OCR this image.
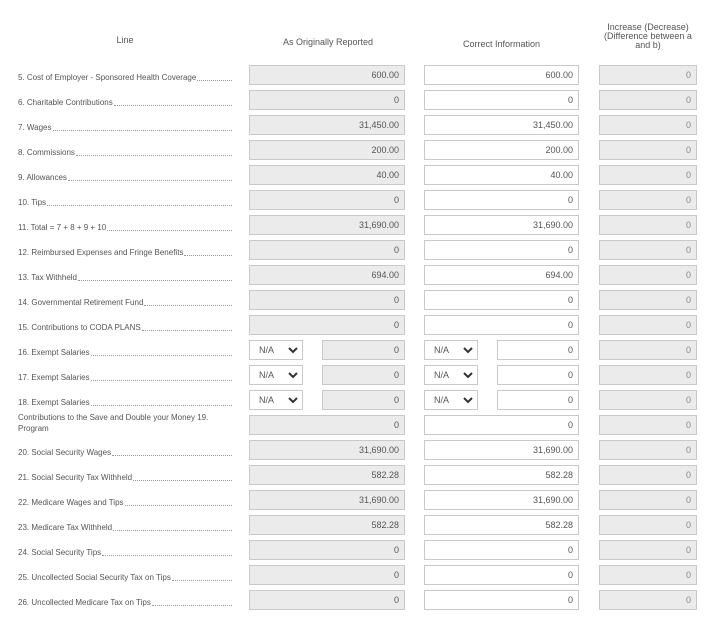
Line	As Originally Reported	Correct Information
Increase (Decrease)
(Difference between a
and b)
5. Cost of Employer - Sponsored Health Coverage	600.00	600.00	0
6. Charitable Contributions	0	0	0
7. Wages	31,450.00	31,450.00	0
8. Commissions	200.00	200.00	0
9. Allowances	40.00	40.00	0
10. Tips	0	0	0
11. Total = 7 + 8 + 9 + 10	31,690.00	31,690.00	0
12. Reimbursed Expenses and Fringe Benefits	0	0	0
13. Tax Withheld	694.00	694.00	0
14. Governmental Retirement Fund	0	0	0
15. Contributions to CODA PLANS	0	0	0
16. Exempt Salaries	N/A	0	N/A	0	0
17. Exempt Salaries	N/A	0	N/A	0	0
18. Exempt Salaries	N/A	0	N/A	0	0
Contributions to the Save and Double your Money 19. Program	0	0	0
20. Social Security Wages	31,690.00	31,690.00	0
21. Social Security Tax Withheld	582.28	582.28	0
22. Medicare Wages and Tips	31,690.00	31,690.00	0
23. Medicare Tax Withheld	582.28	582.28	0
24. Social Security Tips	0	0	0
25. Uncollected Social Security Tax on Tips	0	0	0
26. Uncollected Medicare Tax on Tips	0	0	0
